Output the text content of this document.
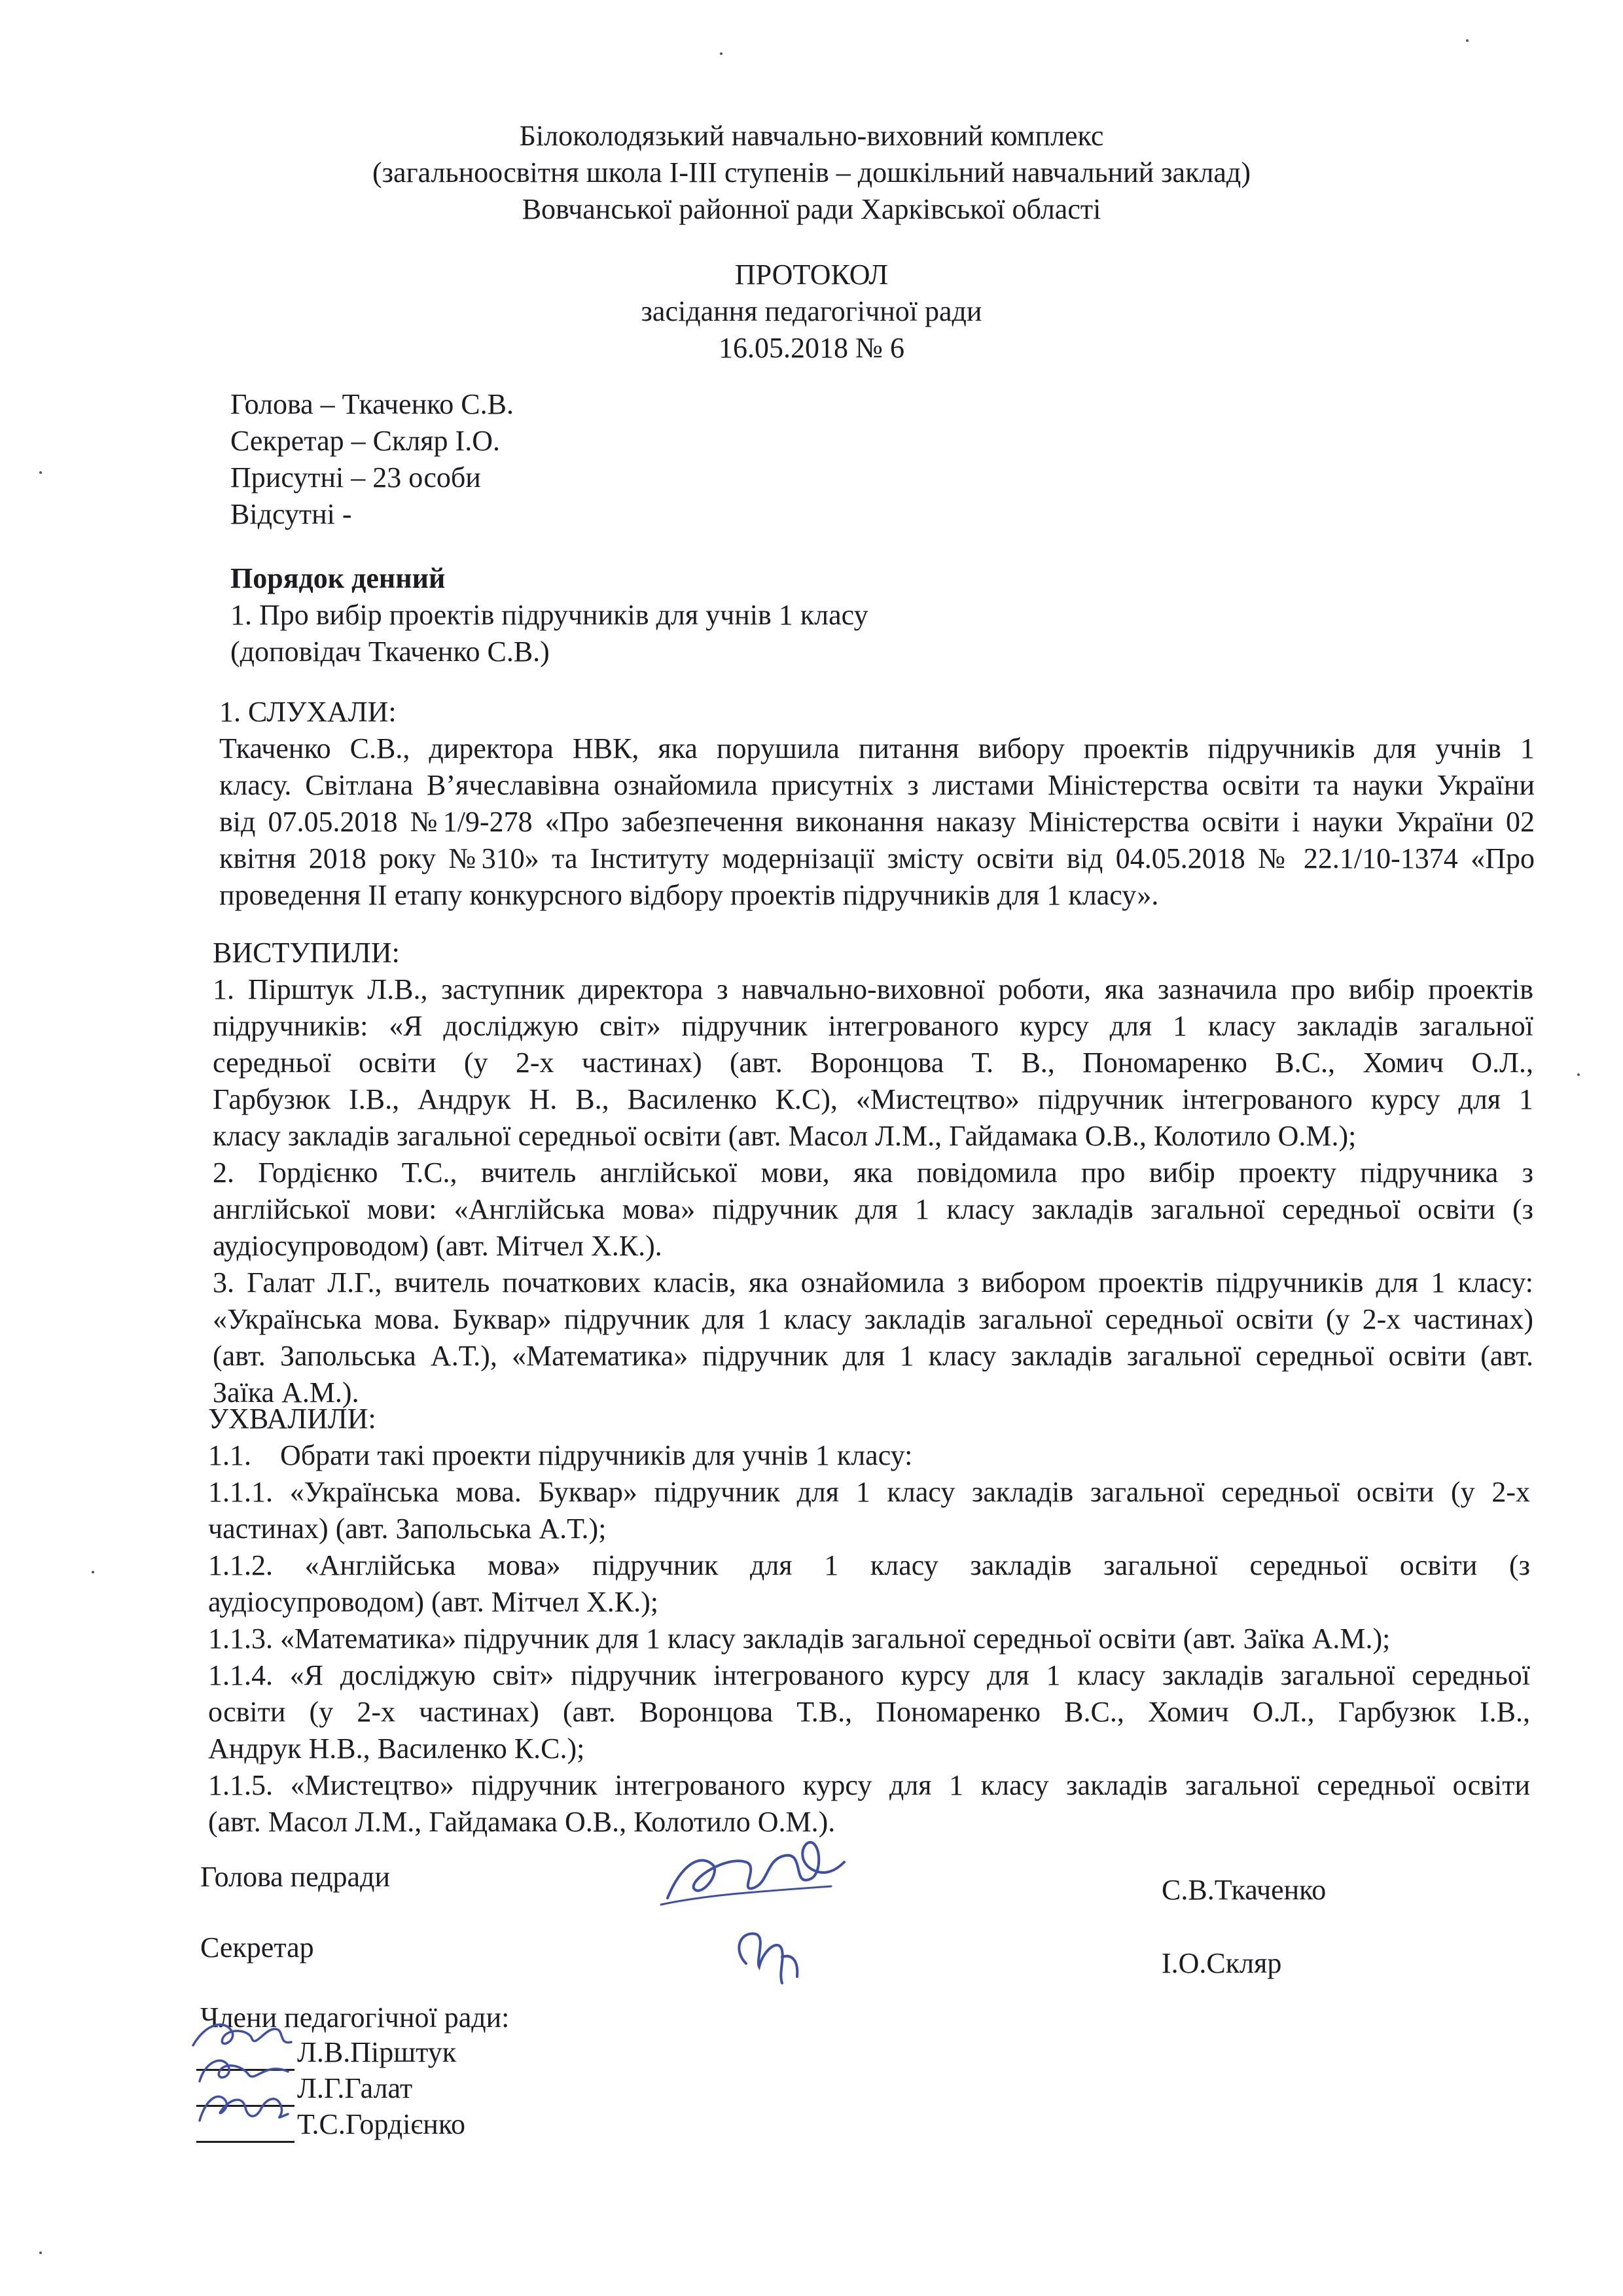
Білоколодязький навчально-виховний комплекс
(загальноосвітня школа І-ІІІ ступенів – дошкільний навчальний заклад)
Вовчанської районної ради Харківської області
ПРОТОКОЛ
засідання педагогічної ради
16.05.2018 № 6
Голова – Ткаченко С.В.
Секретар – Скляр І.О.
Присутні – 23 особи
Відсутні -
Порядок денний
1. Про вибір проектів підручників для учнів 1 класу
(доповідач Ткаченко С.В.)
1. СЛУХАЛИ:
Ткаченко С.В., директора НВК, яка порушила питання вибору проектів підручників для учнів 1
класу. Світлана В’ячеславівна ознайомила присутніх з листами Міністерства освіти та науки України
від 07.05.2018 №1/9-278 «Про забезпечення виконання наказу Міністерства освіти і науки України 02
квітня 2018 року №310» та Інституту модернізації змісту освіти від 04.05.2018 № 22.1/10-1374 «Про
проведення ІІ етапу конкурсного відбору проектів підручників для 1 класу».
ВИСТУПИЛИ:
1. Пірштук Л.В., заступник директора з навчально-виховної роботи, яка зазначила про вибір проектів
підручників: «Я досліджую світ» підручник інтегрованого курсу для 1 класу закладів загальної
середньої освіти (у 2-х частинах) (авт. Воронцова Т. В., Пономаренко В.С., Хомич О.Л.,
Гарбузюк І.В., Андрук Н. В., Василенко К.С), «Мистецтво» підручник інтегрованого курсу для 1
класу закладів загальної середньої освіти (авт. Масол Л.М., Гайдамака О.В., Колотило О.М.);
2. Гордієнко Т.С., вчитель англійської мови, яка повідомила про вибір проекту підручника з
англійської мови: «Англійська мова» підручник для 1 класу закладів загальної середньої освіти (з
аудіосупроводом) (авт. Мітчел Х.К.).
3. Галат Л.Г., вчитель початкових класів, яка ознайомила з вибором проектів підручників для 1 класу:
«Українська мова. Буквар» підручник для 1 класу закладів загальної середньої освіти (у 2-х частинах)
(авт. Запольська А.Т.), «Математика» підручник для 1 класу закладів загальної середньої освіти (авт.
Заїка А.М.).
УХВАЛИЛИ:
1.1.    Обрати такі проекти підручників для учнів 1 класу:
1.1.1. «Українська мова. Буквар» підручник для 1 класу закладів загальної середньої освіти (у 2-х
частинах) (авт. Запольська А.Т.);
1.1.2. «Англійська мова» підручник для 1 класу закладів загальної середньої освіти (з
аудіосупроводом) (авт. Мітчел Х.К.);
1.1.3. «Математика» підручник для 1 класу закладів загальної середньої освіти (авт. Заїка А.М.);
1.1.4. «Я досліджую світ» підручник інтегрованого курсу для 1 класу закладів загальної середньої
освіти (у 2-х частинах) (авт. Воронцова Т.В., Пономаренко В.С., Хомич О.Л., Гарбузюк І.В.,
Андрук Н.В., Василенко К.С.);
1.1.5. «Мистецтво» підручник інтегрованого курсу для 1 класу закладів загальної середньої освіти
(авт. Масол Л.М., Гайдамака О.В., Колотило О.М.).
Голова педради	С.В.Ткаченко
Секретар	І.О.Скляр
Члени педагогічної ради:
Л.В.Пірштук
Л.Г.Галат
Т.С.Гордієнко
